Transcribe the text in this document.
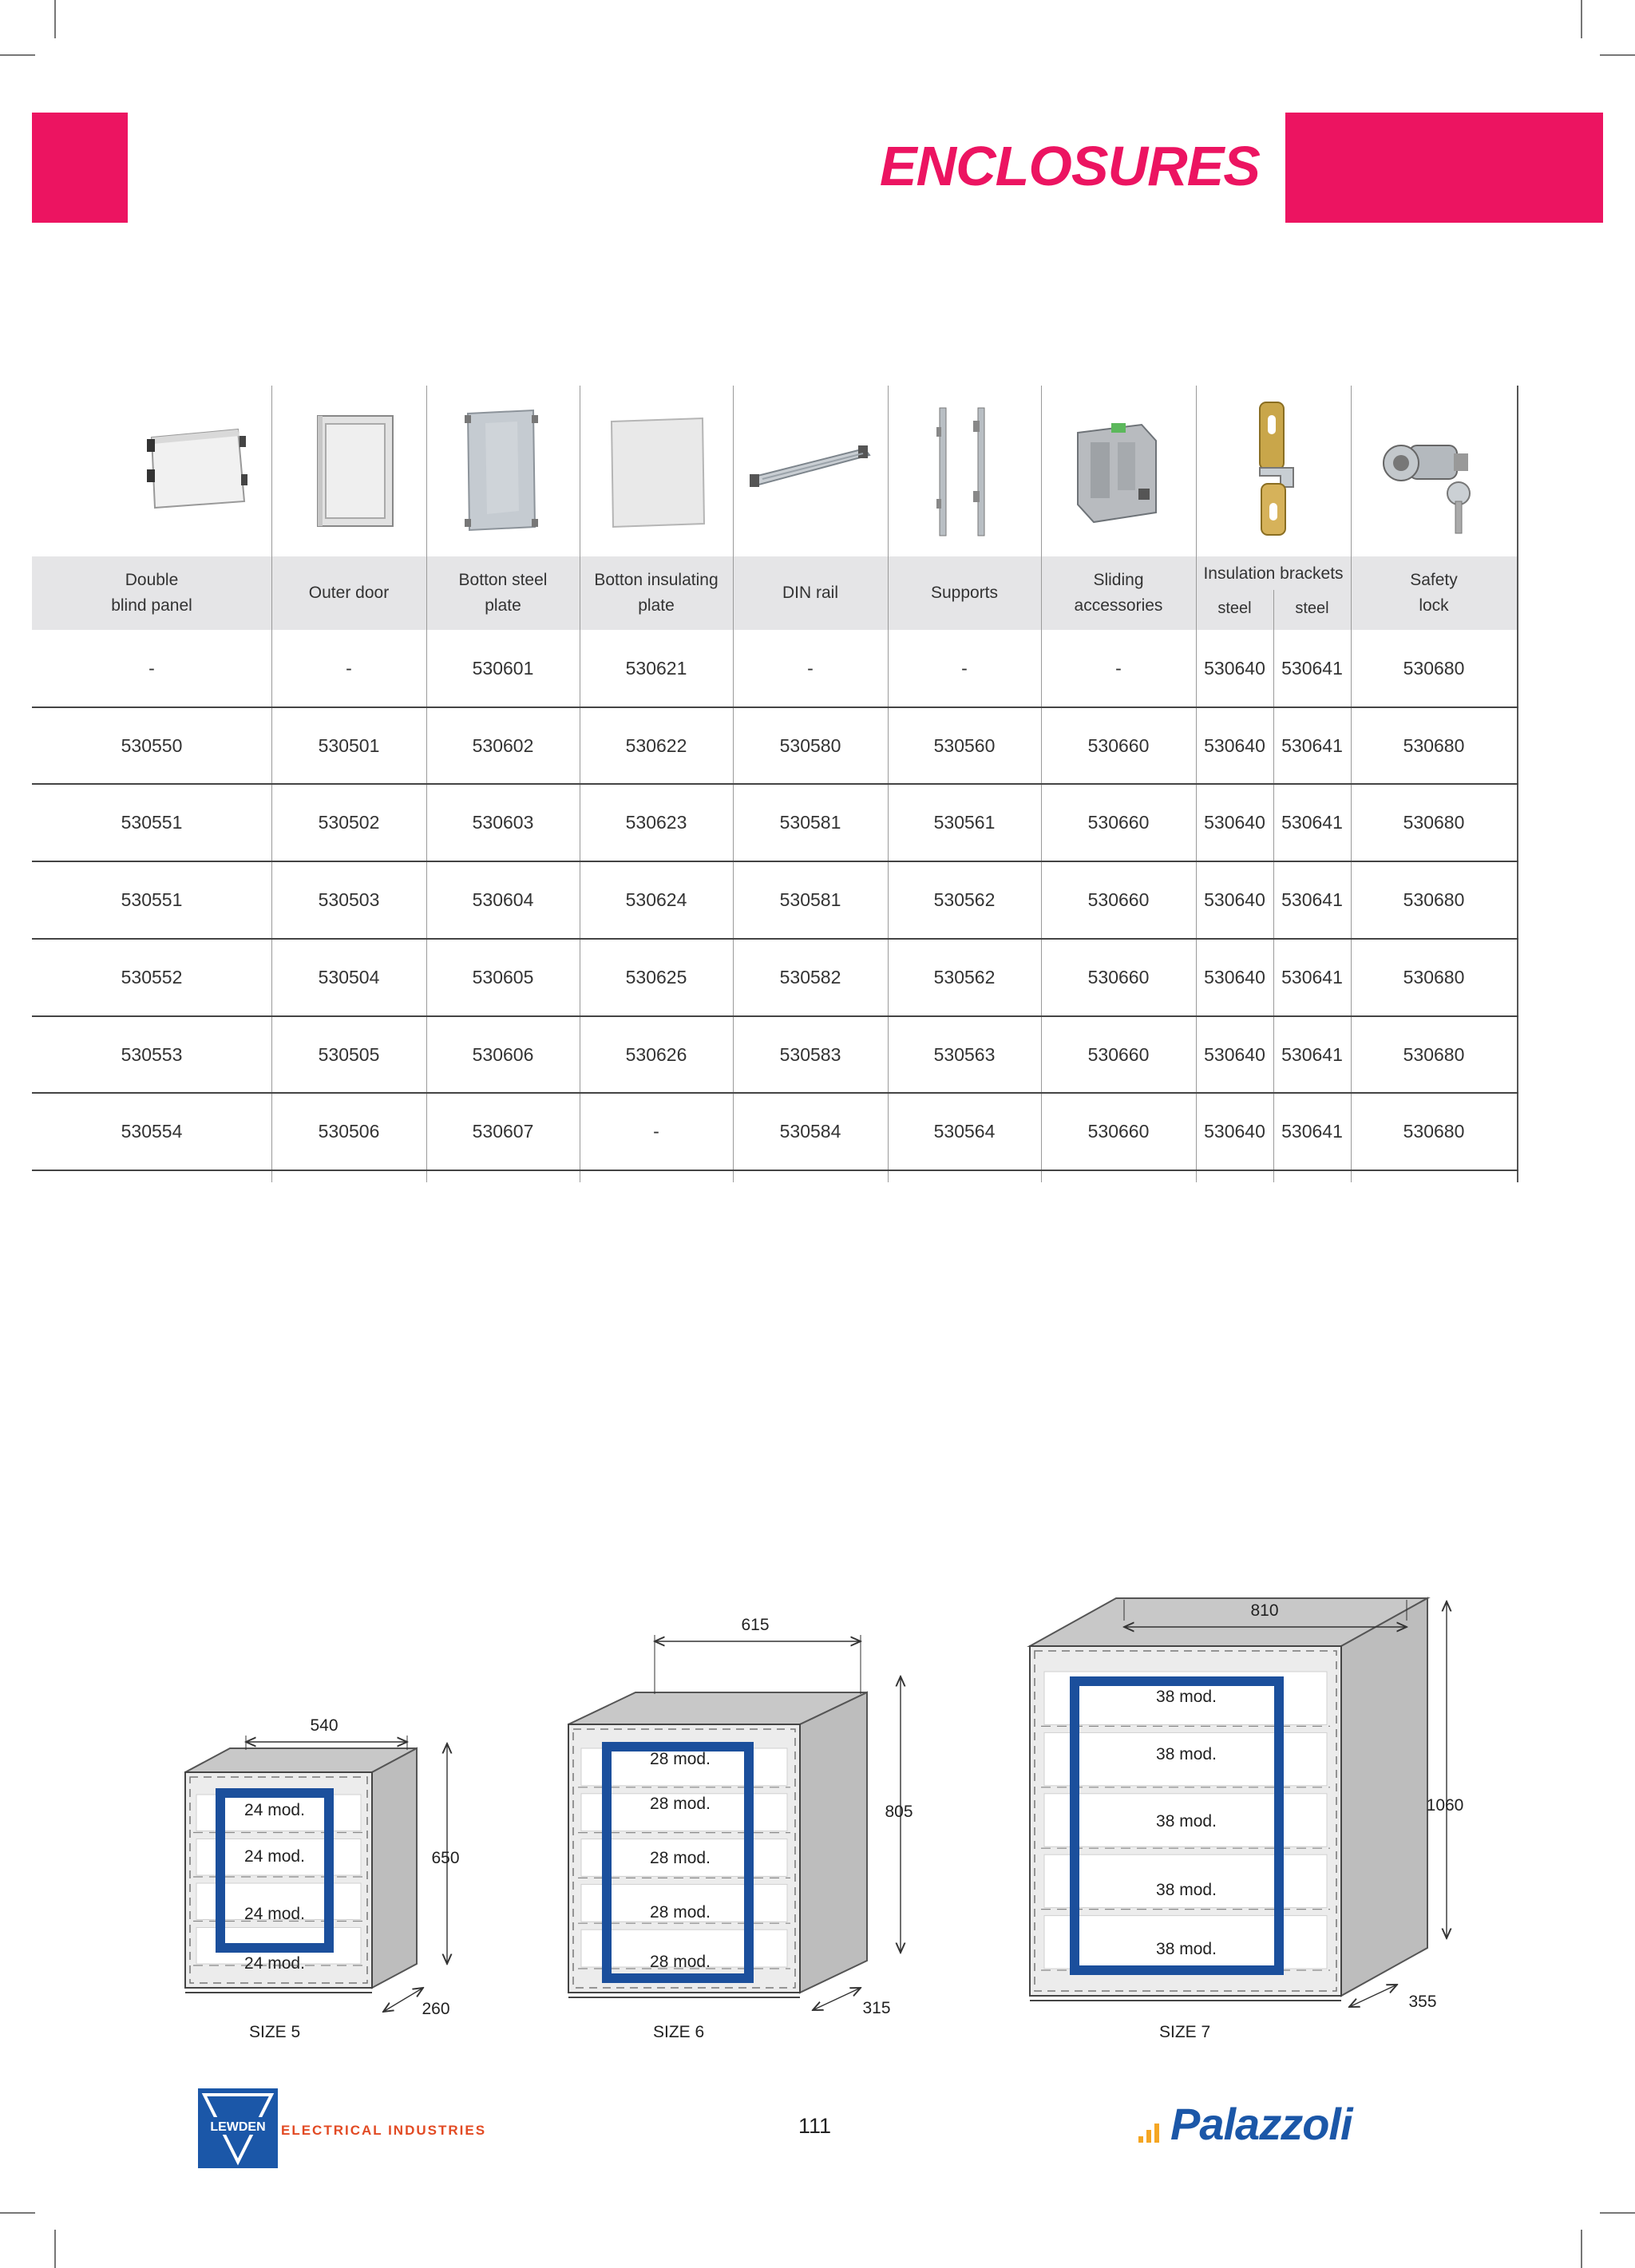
ENCLOSURES
Insulation brackets
steel	steel
Double
blind panel
Outer door
Botton steel
plate
Botton insulating
plate
DIN rail	Supports
Sliding
accessories
Safety
lock
-	-	530601	530621	-	-	-	530640 530641	530680
530550	530501	530602	530622	530580	530560	530660	530640 530641	530680
530551	530502	530603	530623	530581	530561	530660	530640 530641	530680
530551	530503	530604	530624	530581	530562	530660	530640 530641	530680
530552	530504	530605	530625	530582	530562	530660	530640 530641	530680
530553	530505	530606	530626	530583	530563	530660	530640 530641	530680
530554	530506	530607	-	530584	530564	530660	530640 530641	530680
24 mod.
24 mod.
24 mod.
24 mod.
540
650
260
28 mod.
28 mod.
28 mod.
28 mod.
28 mod.
615
805
315
38 mod.
38 mod.
38 mod.
38 mod.
38 mod.
810
1060
355
SIZE 5	SIZE 6	SIZE 7
LEWDEN ELECTRICAL INDUSTRIES	111	Palazzoli
